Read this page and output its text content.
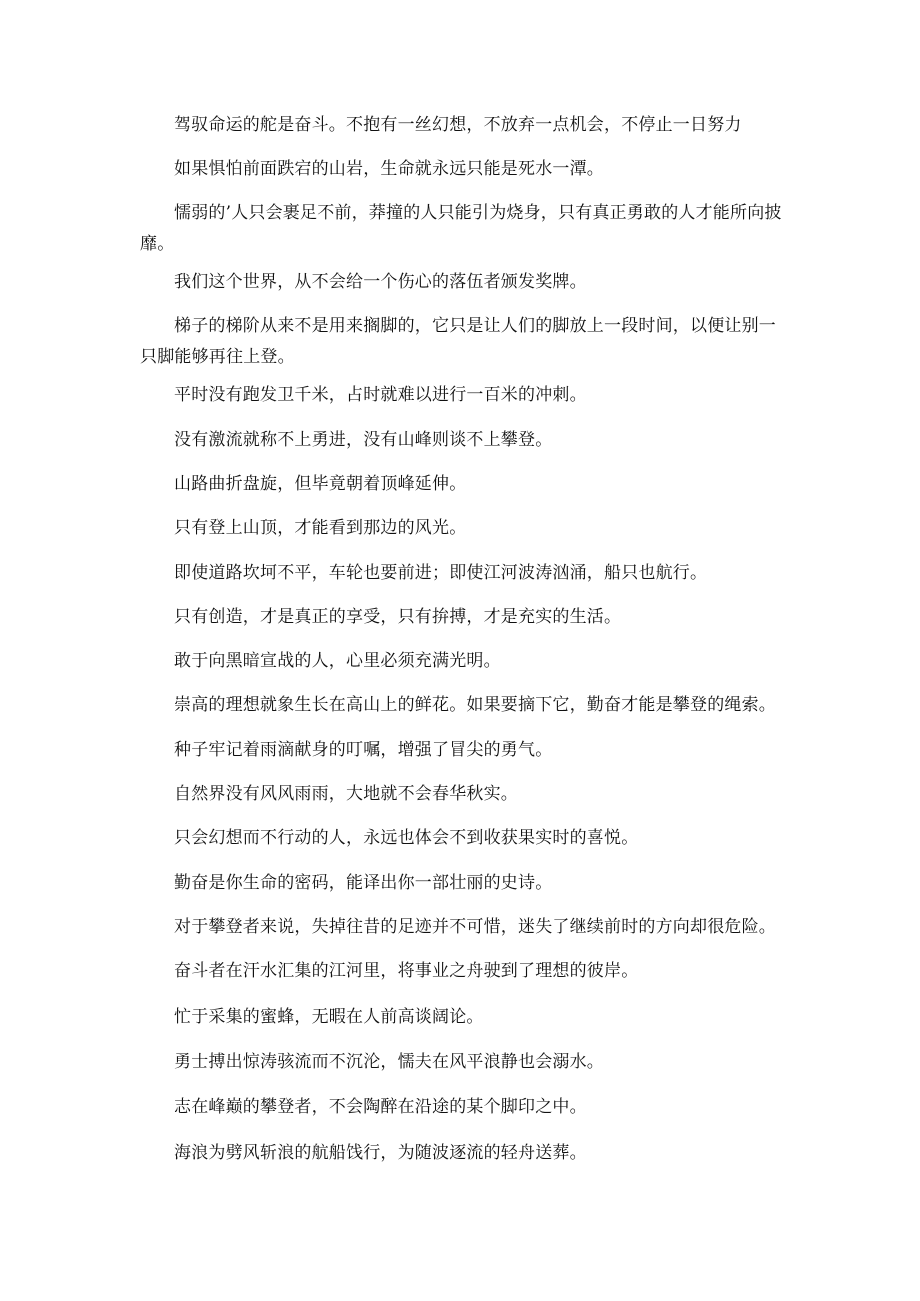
驾驭命运的舵是奋斗。不抱有一丝幻想，不放弃一点机会，不停止一日努力

如果惧怕前面跌宕的山岩，生命就永远只能是死水一潭。

懦弱的’人只会裹足不前，莽撞的人只能引为烧身，只有真正勇敢的人才能所向披靡。

我们这个世界，从不会给一个伤心的落伍者颁发奖牌。

梯子的梯阶从来不是用来搁脚的，它只是让人们的脚放上一段时间，以便让别一只脚能够再往上登。

平时没有跑发卫千米，占时就难以进行一百米的冲刺。

没有激流就称不上勇进，没有山峰则谈不上攀登。

山路曲折盘旋，但毕竟朝着顶峰延伸。

只有登上山顶，才能看到那边的风光。

即使道路坎坷不平，车轮也要前进；即使江河波涛汹涌，船只也航行。

只有创造，才是真正的享受，只有拚搏，才是充实的生活。

敢于向黑暗宣战的人，心里必须充满光明。

崇高的理想就象生长在高山上的鲜花。如果要摘下它，勤奋才能是攀登的绳索。

种子牢记着雨滴献身的叮嘱，增强了冒尖的勇气。

自然界没有风风雨雨，大地就不会春华秋实。

只会幻想而不行动的人，永远也体会不到收获果实时的喜悦。

勤奋是你生命的密码，能译出你一部壮丽的史诗。

对于攀登者来说，失掉往昔的足迹并不可惜，迷失了继续前时的方向却很危险。

奋斗者在汗水汇集的江河里，将事业之舟驶到了理想的彼岸。

忙于采集的蜜蜂，无暇在人前高谈阔论。

勇士搏出惊涛骇流而不沉沦，懦夫在风平浪静也会溺水。

志在峰巅的攀登者，不会陶醉在沿途的某个脚印之中。

海浪为劈风斩浪的航船饯行，为随波逐流的轻舟送葬。
